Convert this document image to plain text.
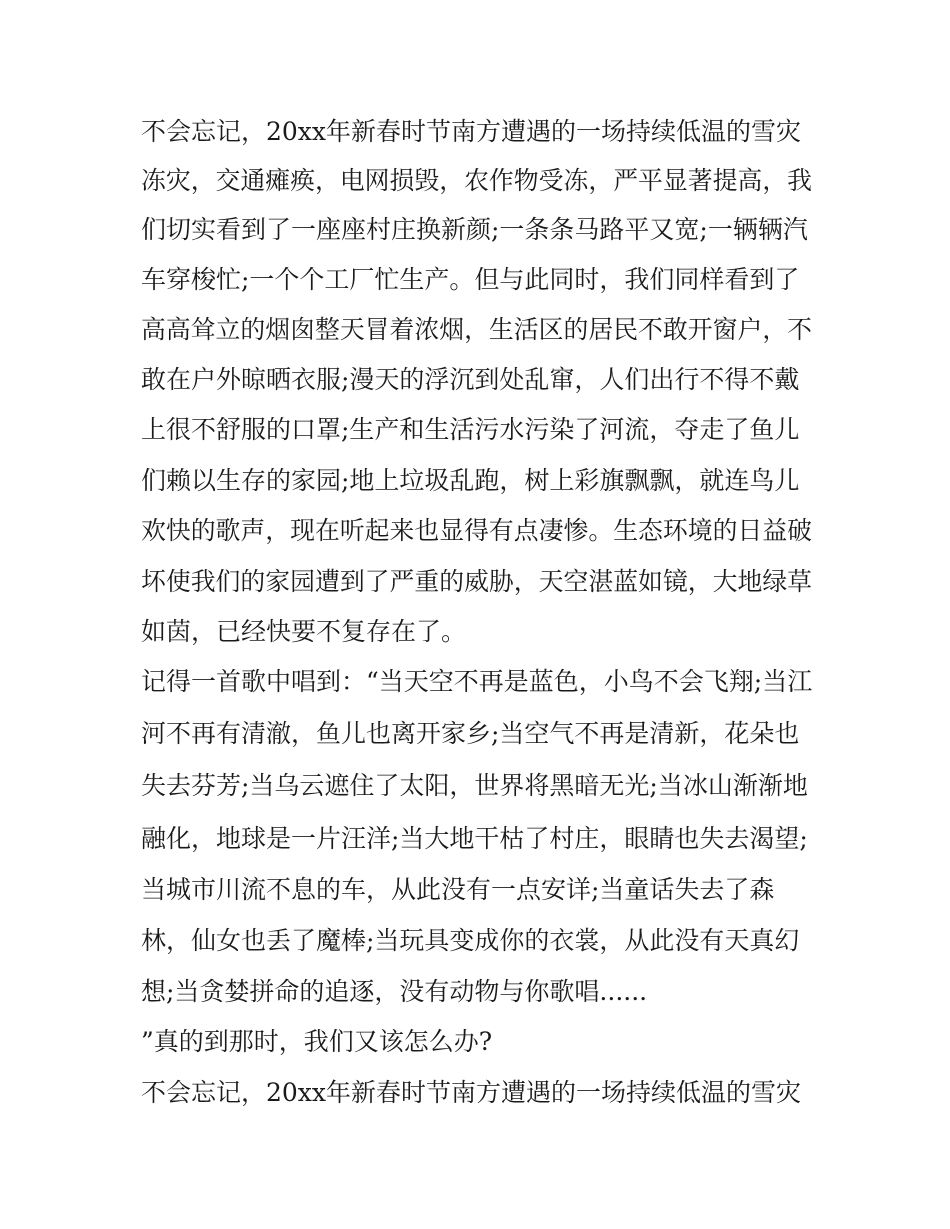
不会忘记，20xx年新春时节南方遭遇的一场持续低温的雪灾
冻灾，交通瘫痪，电网损毁，农作物受冻，严平显著提高，我
们切实看到了一座座村庄换新颜;一条条马路平又宽;一辆辆汽
车穿梭忙;一个个工厂忙生产。但与此同时，我们同样看到了
高高耸立的烟囱整天冒着浓烟，生活区的居民不敢开窗户，不
敢在户外晾晒衣服;漫天的浮沉到处乱窜，人们出行不得不戴
上很不舒服的口罩;生产和生活污水污染了河流，夺走了鱼儿
们赖以生存的家园;地上垃圾乱跑，树上彩旗飘飘，就连鸟儿
欢快的歌声，现在听起来也显得有点凄惨。生态环境的日益破
坏使我们的家园遭到了严重的威胁，天空湛蓝如镜，大地绿草
如茵，已经快要不复存在了。
记得一首歌中唱到：“当天空不再是蓝色，小鸟不会飞翔;当江
河不再有清澈，鱼儿也离开家乡;当空气不再是清新，花朵也
失去芬芳;当乌云遮住了太阳，世界将黑暗无光;当冰山渐渐地
融化，地球是一片汪洋;当大地干枯了村庄，眼睛也失去渴望;
当城市川流不息的车，从此没有一点安详;当童话失去了森
林，仙女也丢了魔棒;当玩具变成你的衣裳，从此没有天真幻
想;当贪婪拼命的追逐，没有动物与你歌唱......
”真的到那时，我们又该怎么办?
不会忘记，20xx年新春时节南方遭遇的一场持续低温的雪灾
